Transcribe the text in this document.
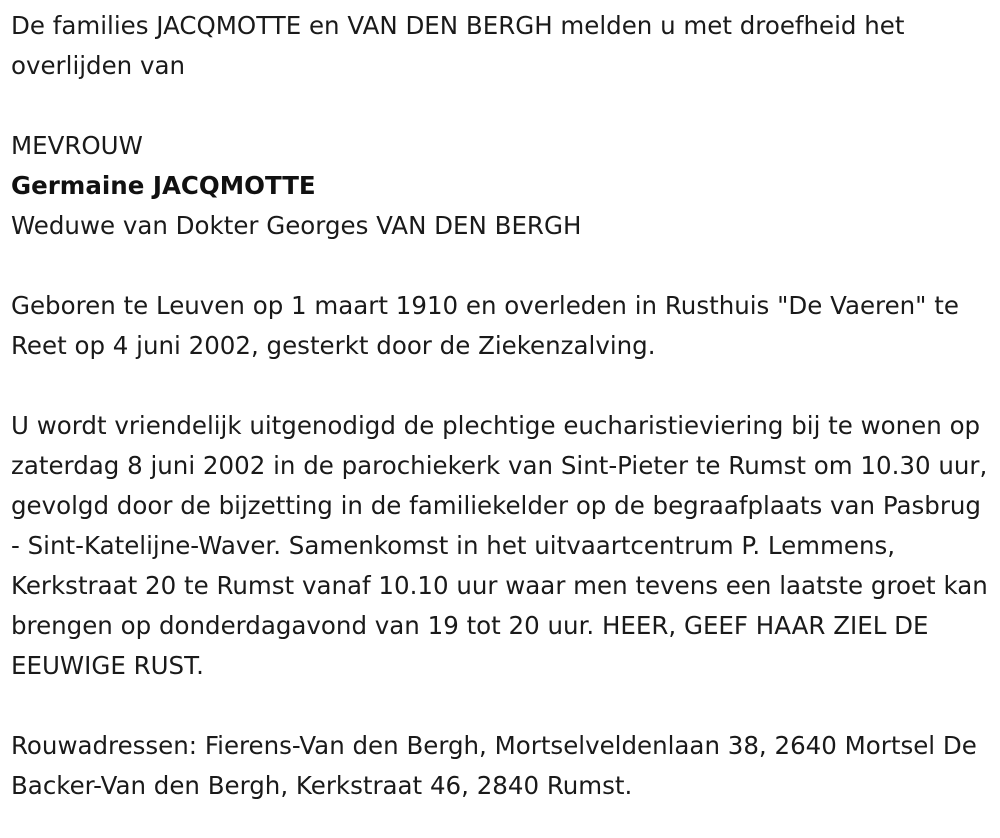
De families JACQMOTTE en VAN DEN BERGH melden u met droefheid het overlijden van

MEVROUW

Germaine JACQMOTTE

Weduwe van Dokter Georges VAN DEN BERGH

Geboren te Leuven op 1 maart 1910 en overleden in Rusthuis "De Vaeren" te Reet op 4 juni 2002, gesterkt door de Ziekenzalving.

U wordt vriendelijk uitgenodigd de plechtige eucharistieviering bij te wonen op zaterdag 8 juni 2002 in de parochiekerk van Sint-Pieter te Rumst om 10.30 uur, gevolgd door de bijzetting in de familiekelder op de begraafplaats van Pasbrug - Sint-Katelijne-Waver. Samenkomst in het uitvaartcentrum P. Lemmens, Kerkstraat 20 te Rumst vanaf 10.10 uur waar men tevens een laatste groet kan brengen op donderdagavond van 19 tot 20 uur. HEER, GEEF HAAR ZIEL DE EEUWIGE RUST.

Rouwadressen: Fierens-Van den Bergh, Mortselveldenlaan 38, 2640 Mortsel De Backer-Van den Bergh, Kerkstraat 46, 2840 Rumst.
